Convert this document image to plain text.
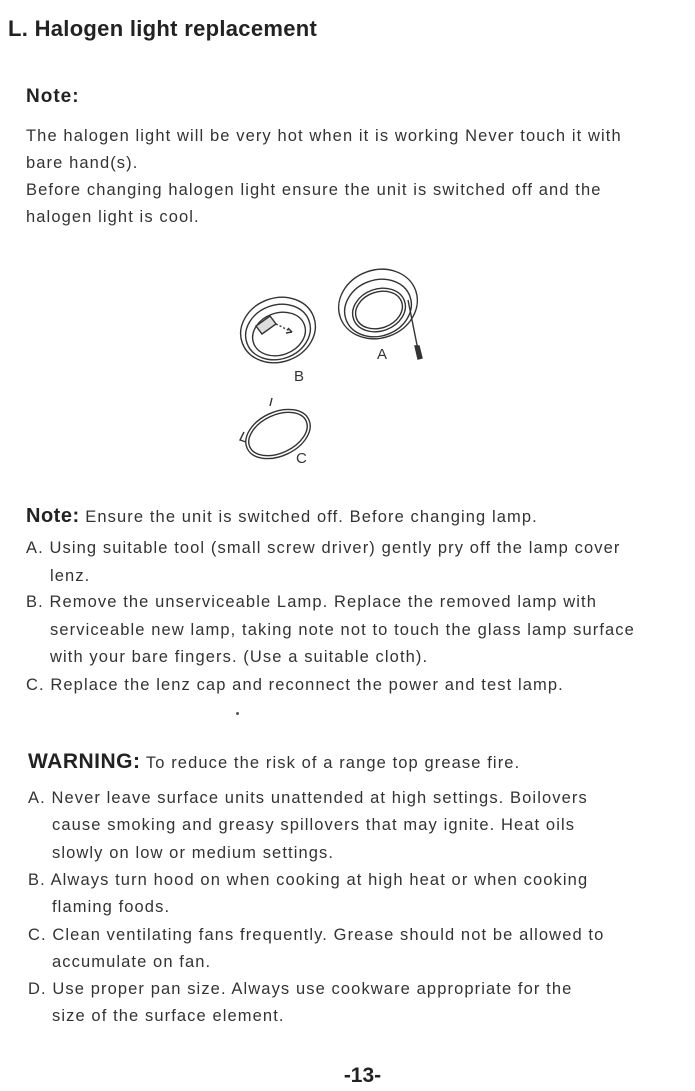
L. Halogen light replacement
Note:
The halogen light will be very hot when it is working Never touch it with
bare hand(s).
Before changing halogen light ensure the unit is switched off and the
halogen light is cool.
A
B
C
Note: Ensure the unit is switched off. Before changing lamp.
A. Using suitable tool (small screw driver) gently pry off the lamp cover
lenz.
B. Remove the unserviceable Lamp. Replace the removed lamp with
serviceable new lamp, taking note not to touch the glass lamp surface
with your bare fingers. (Use a suitable cloth).
C. Replace the lenz cap and reconnect the power and test lamp.
WARNING: To reduce the risk of a range top grease fire.
A. Never leave surface units unattended at high settings. Boilovers
cause smoking and greasy spillovers that may ignite. Heat oils
slowly on low or medium settings.
B. Always turn hood on when cooking at high heat or when cooking
flaming foods.
C. Clean ventilating fans frequently. Grease should not be allowed to
accumulate on fan.
D. Use proper pan size. Always use cookware appropriate for the
size of the surface element.
-13-
